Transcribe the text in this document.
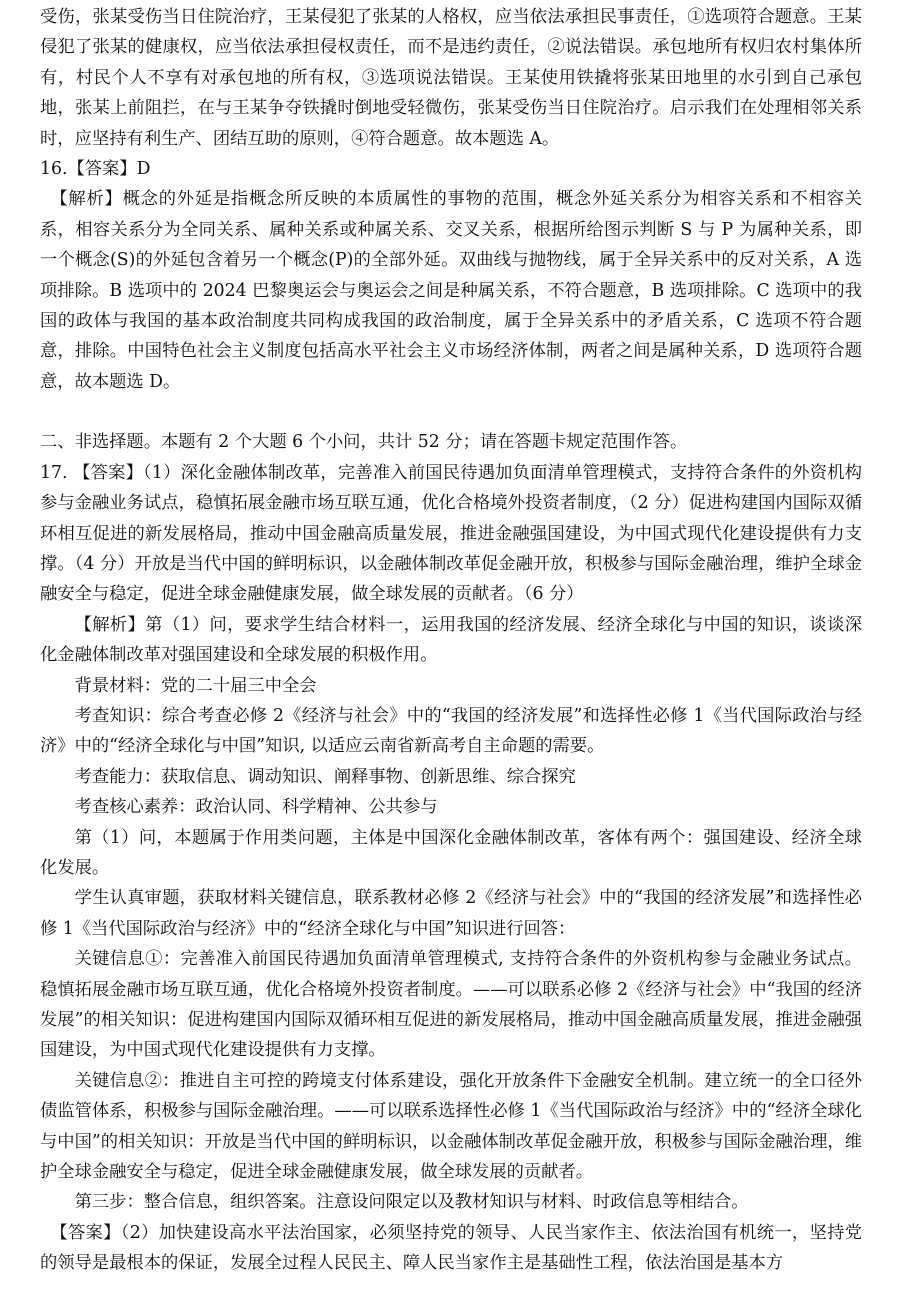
受伤，张某受伤当日住院治疗，王某侵犯了张某的人格权，应当依法承担民事责任，①选项符合题意。王某侵犯了张某的健康权，应当依法承担侵权责任，而不是违约责任，②说法错误。承包地所有权归农村集体所有，村民个人不享有对承包地的所有权，③选项说法错误。王某使用铁撬将张某田地里的水引到自己承包地，张某上前阻拦，在与王某争夺铁撬时倒地受轻微伤，张某受伤当日住院治疗。启示我们在处理相邻关系时，应坚持有利生产、团结互助的原则，④符合题意。故本题选 A。

16.【答案】D

【解析】概念的外延是指概念所反映的本质属性的事物的范围，概念外延关系分为相容关系和不相容关系，相容关系分为全同关系、属种关系或种属关系、交叉关系，根据所给图示判断 S 与 P 为属种关系，即一个概念(S)的外延包含着另一个概念(P)的全部外延。双曲线与抛物线，属于全异关系中的反对关系，A 选项排除。B 选项中的 2024 巴黎奥运会与奥运会之间是种属关系，不符合题意，B 选项排除。C 选项中的我国的政体与我国的基本政治制度共同构成我国的政治制度，属于全异关系中的矛盾关系，C 选项不符合题意，排除。中国特色社会主义制度包括高水平社会主义市场经济体制，两者之间是属种关系，D 选项符合题意，故本题选 D。

二、非选择题。本题有 2 个大题 6 个小问，共计 52 分；请在答题卡规定范围作答。

17. 【答案】（1）深化金融体制改革，完善准入前国民待遇加负面清单管理模式，支持符合条件的外资机构参与金融业务试点，稳慎拓展金融市场互联互通，优化合格境外投资者制度，（2 分）促进构建国内国际双循环相互促进的新发展格局，推动中国金融高质量发展，推进金融强国建设，为中国式现代化建设提供有力支撑。（4 分）开放是当代中国的鲜明标识，以金融体制改革促金融开放，积极参与国际金融治理，维护全球金融安全与稳定，促进全球金融健康发展，做全球发展的贡献者。（6 分）

【解析】第（1）问，要求学生结合材料一，运用我国的经济发展、经济全球化与中国的知识，谈谈深化金融体制改革对强国建设和全球发展的积极作用。

背景材料：党的二十届三中全会

考查知识：综合考查必修 2《经济与社会》中的“我国的经济发展”和选择性必修 1《当代国际政治与经济》中的“经济全球化与中国”知识, 以适应云南省新高考自主命题的需要。

考查能力：获取信息、调动知识、阐释事物、创新思维、综合探究

考查核心素养：政治认同、科学精神、公共参与

第（1）问，本题属于作用类问题，主体是中国深化金融体制改革，客体有两个：强国建设、经济全球化发展。

学生认真审题，获取材料关键信息，联系教材必修 2《经济与社会》中的“我国的经济发展”和选择性必修 1《当代国际政治与经济》中的“经济全球化与中国”知识进行回答：

关键信息①：完善准入前国民待遇加负面清单管理模式, 支持符合条件的外资机构参与金融业务试点。稳慎拓展金融市场互联互通，优化合格境外投资者制度。——可以联系必修 2《经济与社会》中“我国的经济发展”的相关知识：促进构建国内国际双循环相互促进的新发展格局，推动中国金融高质量发展，推进金融强国建设，为中国式现代化建设提供有力支撑。

关键信息②：推进自主可控的跨境支付体系建设，强化开放条件下金融安全机制。建立统一的全口径外债监管体系，积极参与国际金融治理。——可以联系选择性必修 1《当代国际政治与经济》中的“经济全球化与中国”的相关知识：开放是当代中国的鲜明标识，以金融体制改革促金融开放，积极参与国际金融治理，维护全球金融安全与稳定，促进全球金融健康发展，做全球发展的贡献者。

第三步：整合信息，组织答案。注意设问限定以及教材知识与材料、时政信息等相结合。

【答案】（2）加快建设高水平法治国家，必须坚持党的领导、人民当家作主、依法治国有机统一，坚持党的领导是最根本的保证，发展全过程人民民主、障人民当家作主是基础性工程，依法治国是基本方
